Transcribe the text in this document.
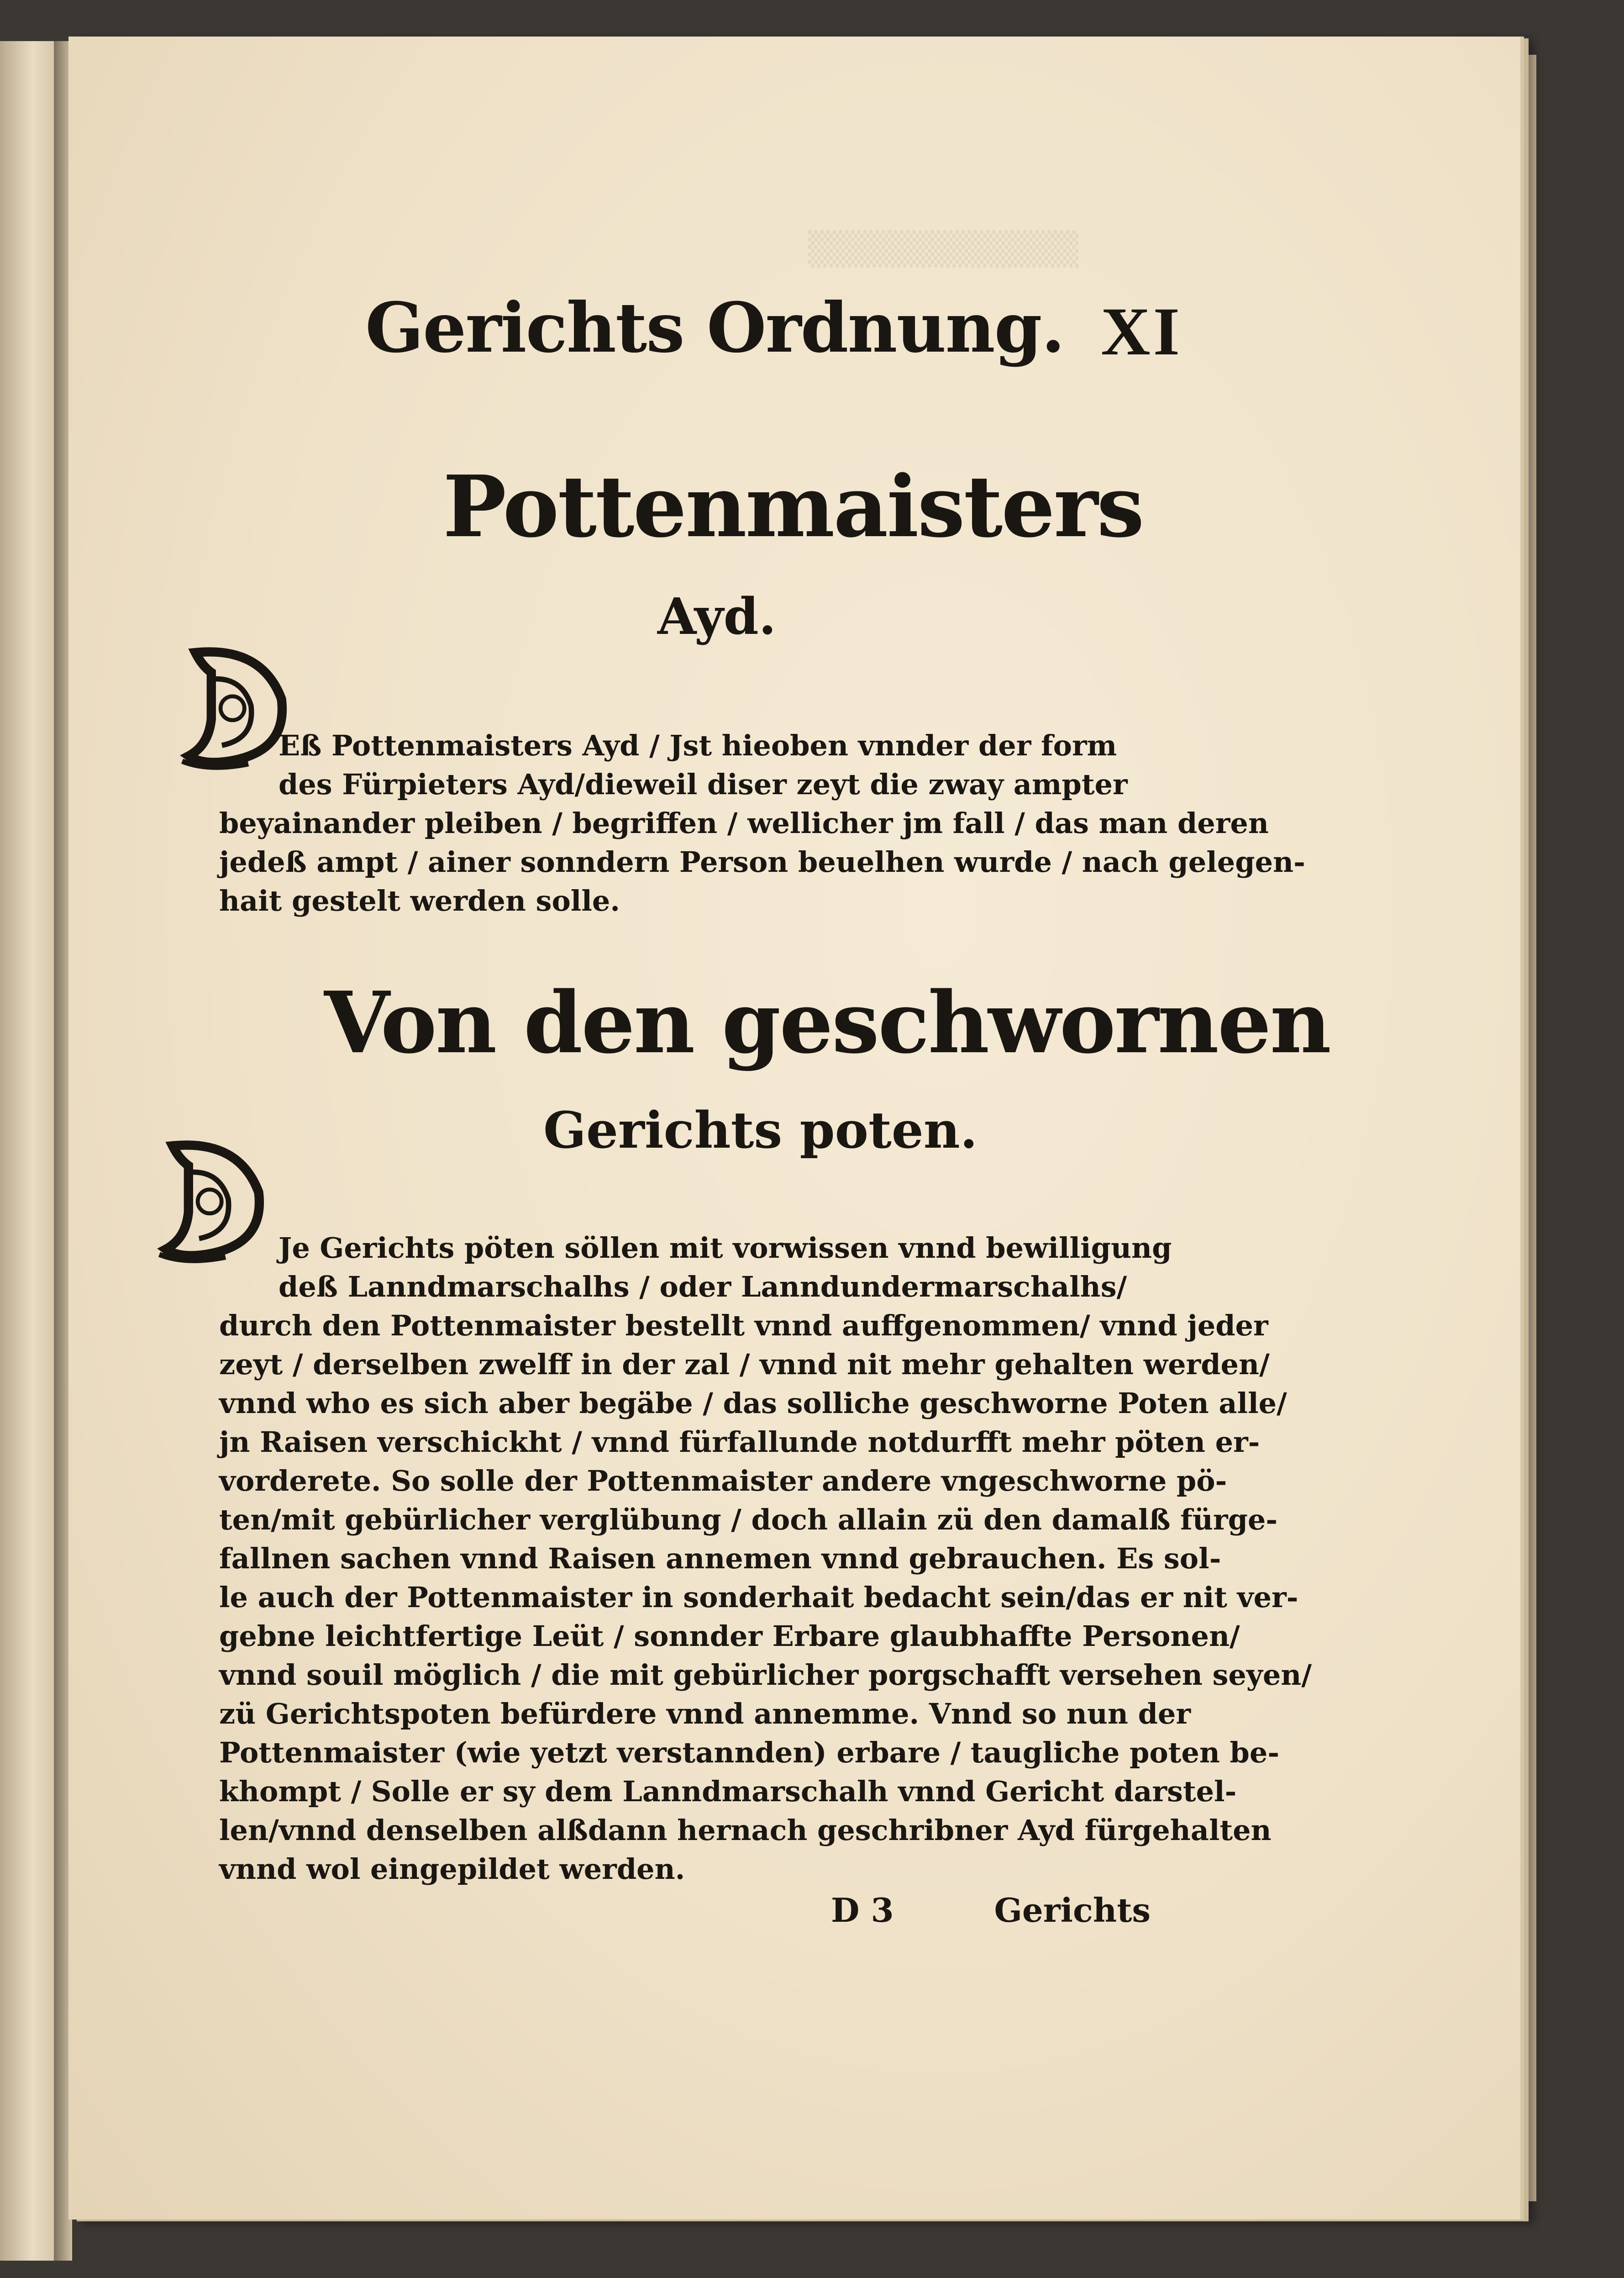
▒▒▒▒▒▒▒▒▒▒▒
Gerichts Ordnung. XI
Pottenmaisters
Ayd.
Eß Pottenmaisters Ayd / Jst hieoben vnnder der form
des Fürpieters Ayd/dieweil diser zeyt die zway ampter
beyainander pleiben / begriffen / wellicher jm fall / das man deren
jedeß ampt / ainer sonndern Person beuelhen wurde / nach gelegen-
hait gestelt werden solle.
Von den geschwornen
Gerichts poten.
Je Gerichts pöten söllen mit vorwissen vnnd bewilligung
deß Lanndmarschalhs / oder Lanndundermarschalhs/
durch den Pottenmaister bestellt vnnd auffgenommen/ vnnd jeder
zeyt / derselben zwelff in der zal / vnnd nit mehr gehalten werden/
vnnd who es sich aber begäbe / das solliche geschworne Poten alle/
jn Raisen verschickht / vnnd fürfallunde notdurfft mehr pöten er-
vorderete. So solle der Pottenmaister andere vngeschworne pö-
ten/mit gebürlicher verglübung / doch allain zü den damalß fürge-
fallnen sachen vnnd Raisen annemen vnnd gebrauchen. Es sol-
le auch der Pottenmaister in sonderhait bedacht sein/das er nit ver-
gebne leichtfertige Leüt / sonnder Erbare glaubhaffte Personen/
vnnd souil möglich / die mit gebürlicher porgschafft versehen seyen/
zü Gerichtspoten befürdere vnnd annemme. Vnnd so nun der
Pottenmaister (wie yetzt verstannden) erbare / taugliche poten be-
khompt / Solle er sy dem Lanndmarschalh vnnd Gericht darstel-
len/vnnd denselben alßdann hernach geschribner Ayd fürgehalten
vnnd wol eingepildet werden.
D 3	Gerichts
